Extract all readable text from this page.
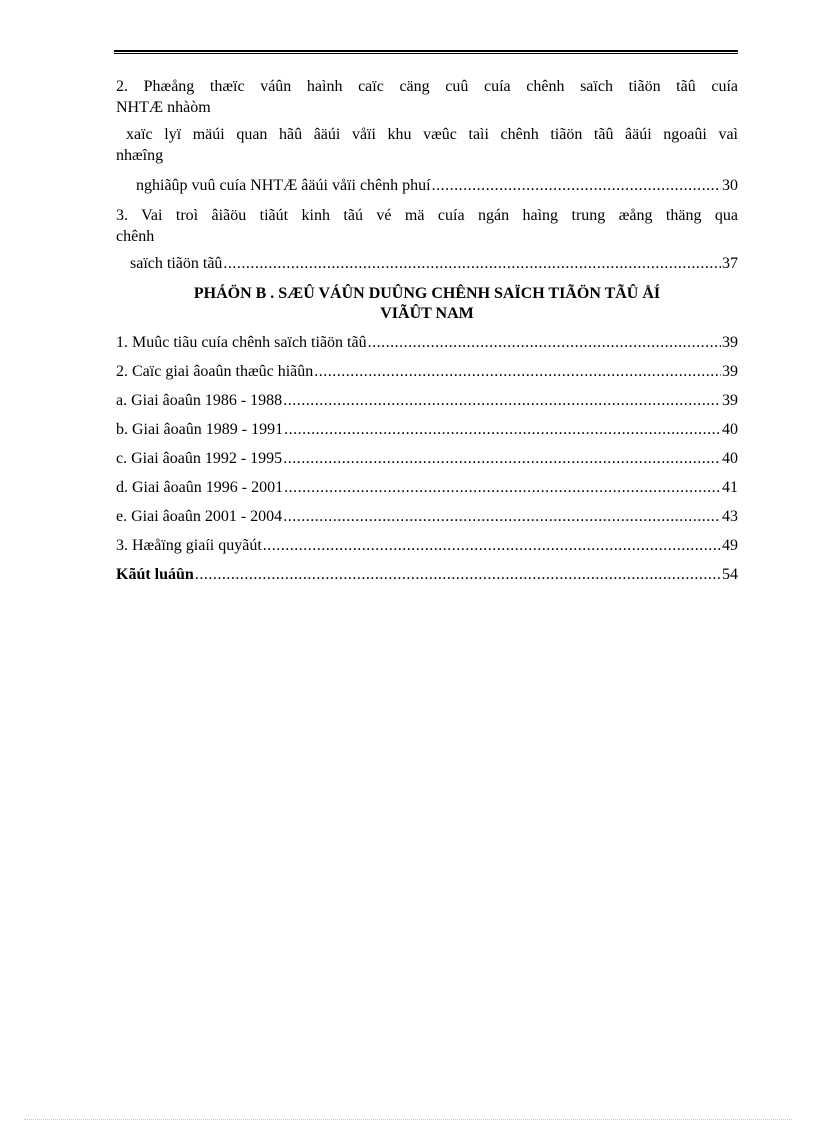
2. Phæång thæïc váûn haình caïc cäng cuû cuía chênh saïch tiãön tãû cuía

NHTÆ nhàòm

xaïc lyï mäúi quan hãû âäúi våïi khu væûc taìi chênh tiãön tãû âäúi ngoaûi vaì

nhæîng

nghiãûp vuû cuía NHTÆ âäúi våïi chênh phuí .....	30

3. Vai troì âiãöu tiãút kinh tãú vé mä cuía ngán haìng trung æång thäng qua

chênh

saïch tiãön tãû .....	37
PHÁÖN B . SÆÛ VÁÛN DUÛNG CHÊNH SAÏCH TIÃÖN TÃÛ ÅÍ
VIÃÛT NAM
1. Muûc tiãu cuía chênh saïch tiãön tãû .....	39
2. Caïc giai âoaûn thæûc hiãûn .....	39
a. Giai âoaûn 1986 - 1988 .....	39
b. Giai âoaûn 1989 - 1991 .....	40
c. Giai âoaûn 1992 - 1995 .....	40
d. Giai âoaûn 1996 - 2001 .....	41
e. Giai âoaûn 2001 - 2004 .....	43
3. Hæåïng giaíi quyãút .....	49
Kãút luáûn .....	54
